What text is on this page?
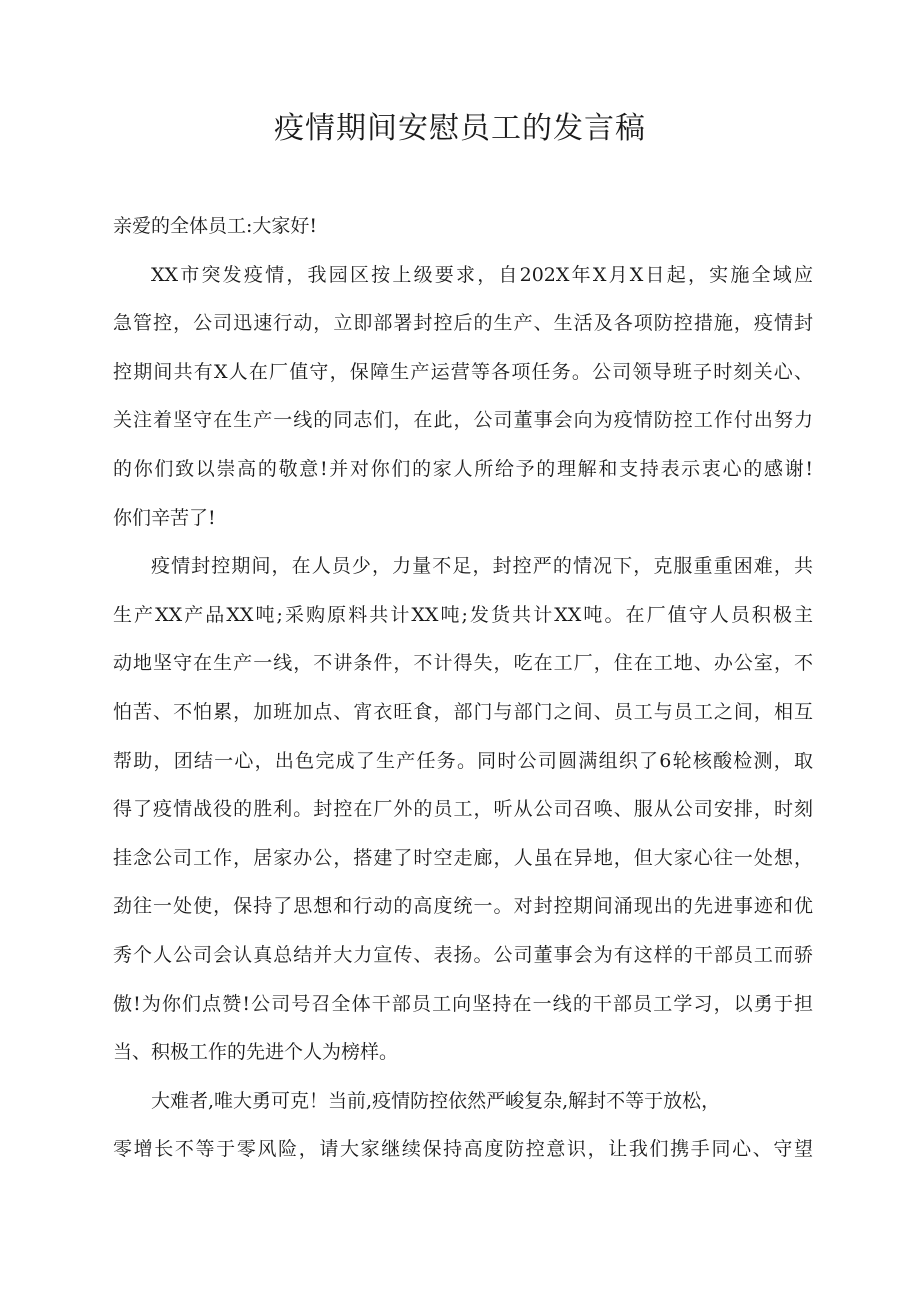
疫情期间安慰员工的发言稿
亲爱的全体员工:大家好!
XX市突发疫情，我园区按上级要求，自202X年X月X日起，实施全域应
急管控，公司迅速行动，立即部署封控后的生产、生活及各项防控措施，疫情封
控期间共有X人在厂值守，保障生产运营等各项任务。公司领导班子时刻关心、
关注着坚守在生产一线的同志们，在此，公司董事会向为疫情防控工作付出努力
的你们致以崇高的敬意!并对你们的家人所给予的理解和支持表示衷心的感谢!
你们辛苦了!
疫情封控期间，在人员少，力量不足，封控严的情况下，克服重重困难，共
生产XX产品XX吨;采购原料共计XX吨;发货共计XX吨。在厂值守人员积极主
动地坚守在生产一线，不讲条件，不计得失，吃在工厂，住在工地、办公室，不
怕苦、不怕累，加班加点、宵衣旺食，部门与部门之间、员工与员工之间，相互
帮助，团结一心，出色完成了生产任务。同时公司圆满组织了6轮核酸检测，取
得了疫情战役的胜利。封控在厂外的员工，听从公司召唤、服从公司安排，时刻
挂念公司工作，居家办公，搭建了时空走廊，人虽在异地，但大家心往一处想，
劲往一处使，保持了思想和行动的高度统一。对封控期间涌现出的先进事迹和优
秀个人公司会认真总结并大力宣传、表扬。公司董事会为有这样的干部员工而骄
傲!为你们点赞!公司号召全体干部员工向坚持在一线的干部员工学习，以勇于担
当、积极工作的先进个人为榜样。
大难者,唯大勇可克！当前,疫情防控依然严峻复杂,解封不等于放松，
零增长不等于零风险，请大家继续保持高度防控意识，让我们携手同心、守望
